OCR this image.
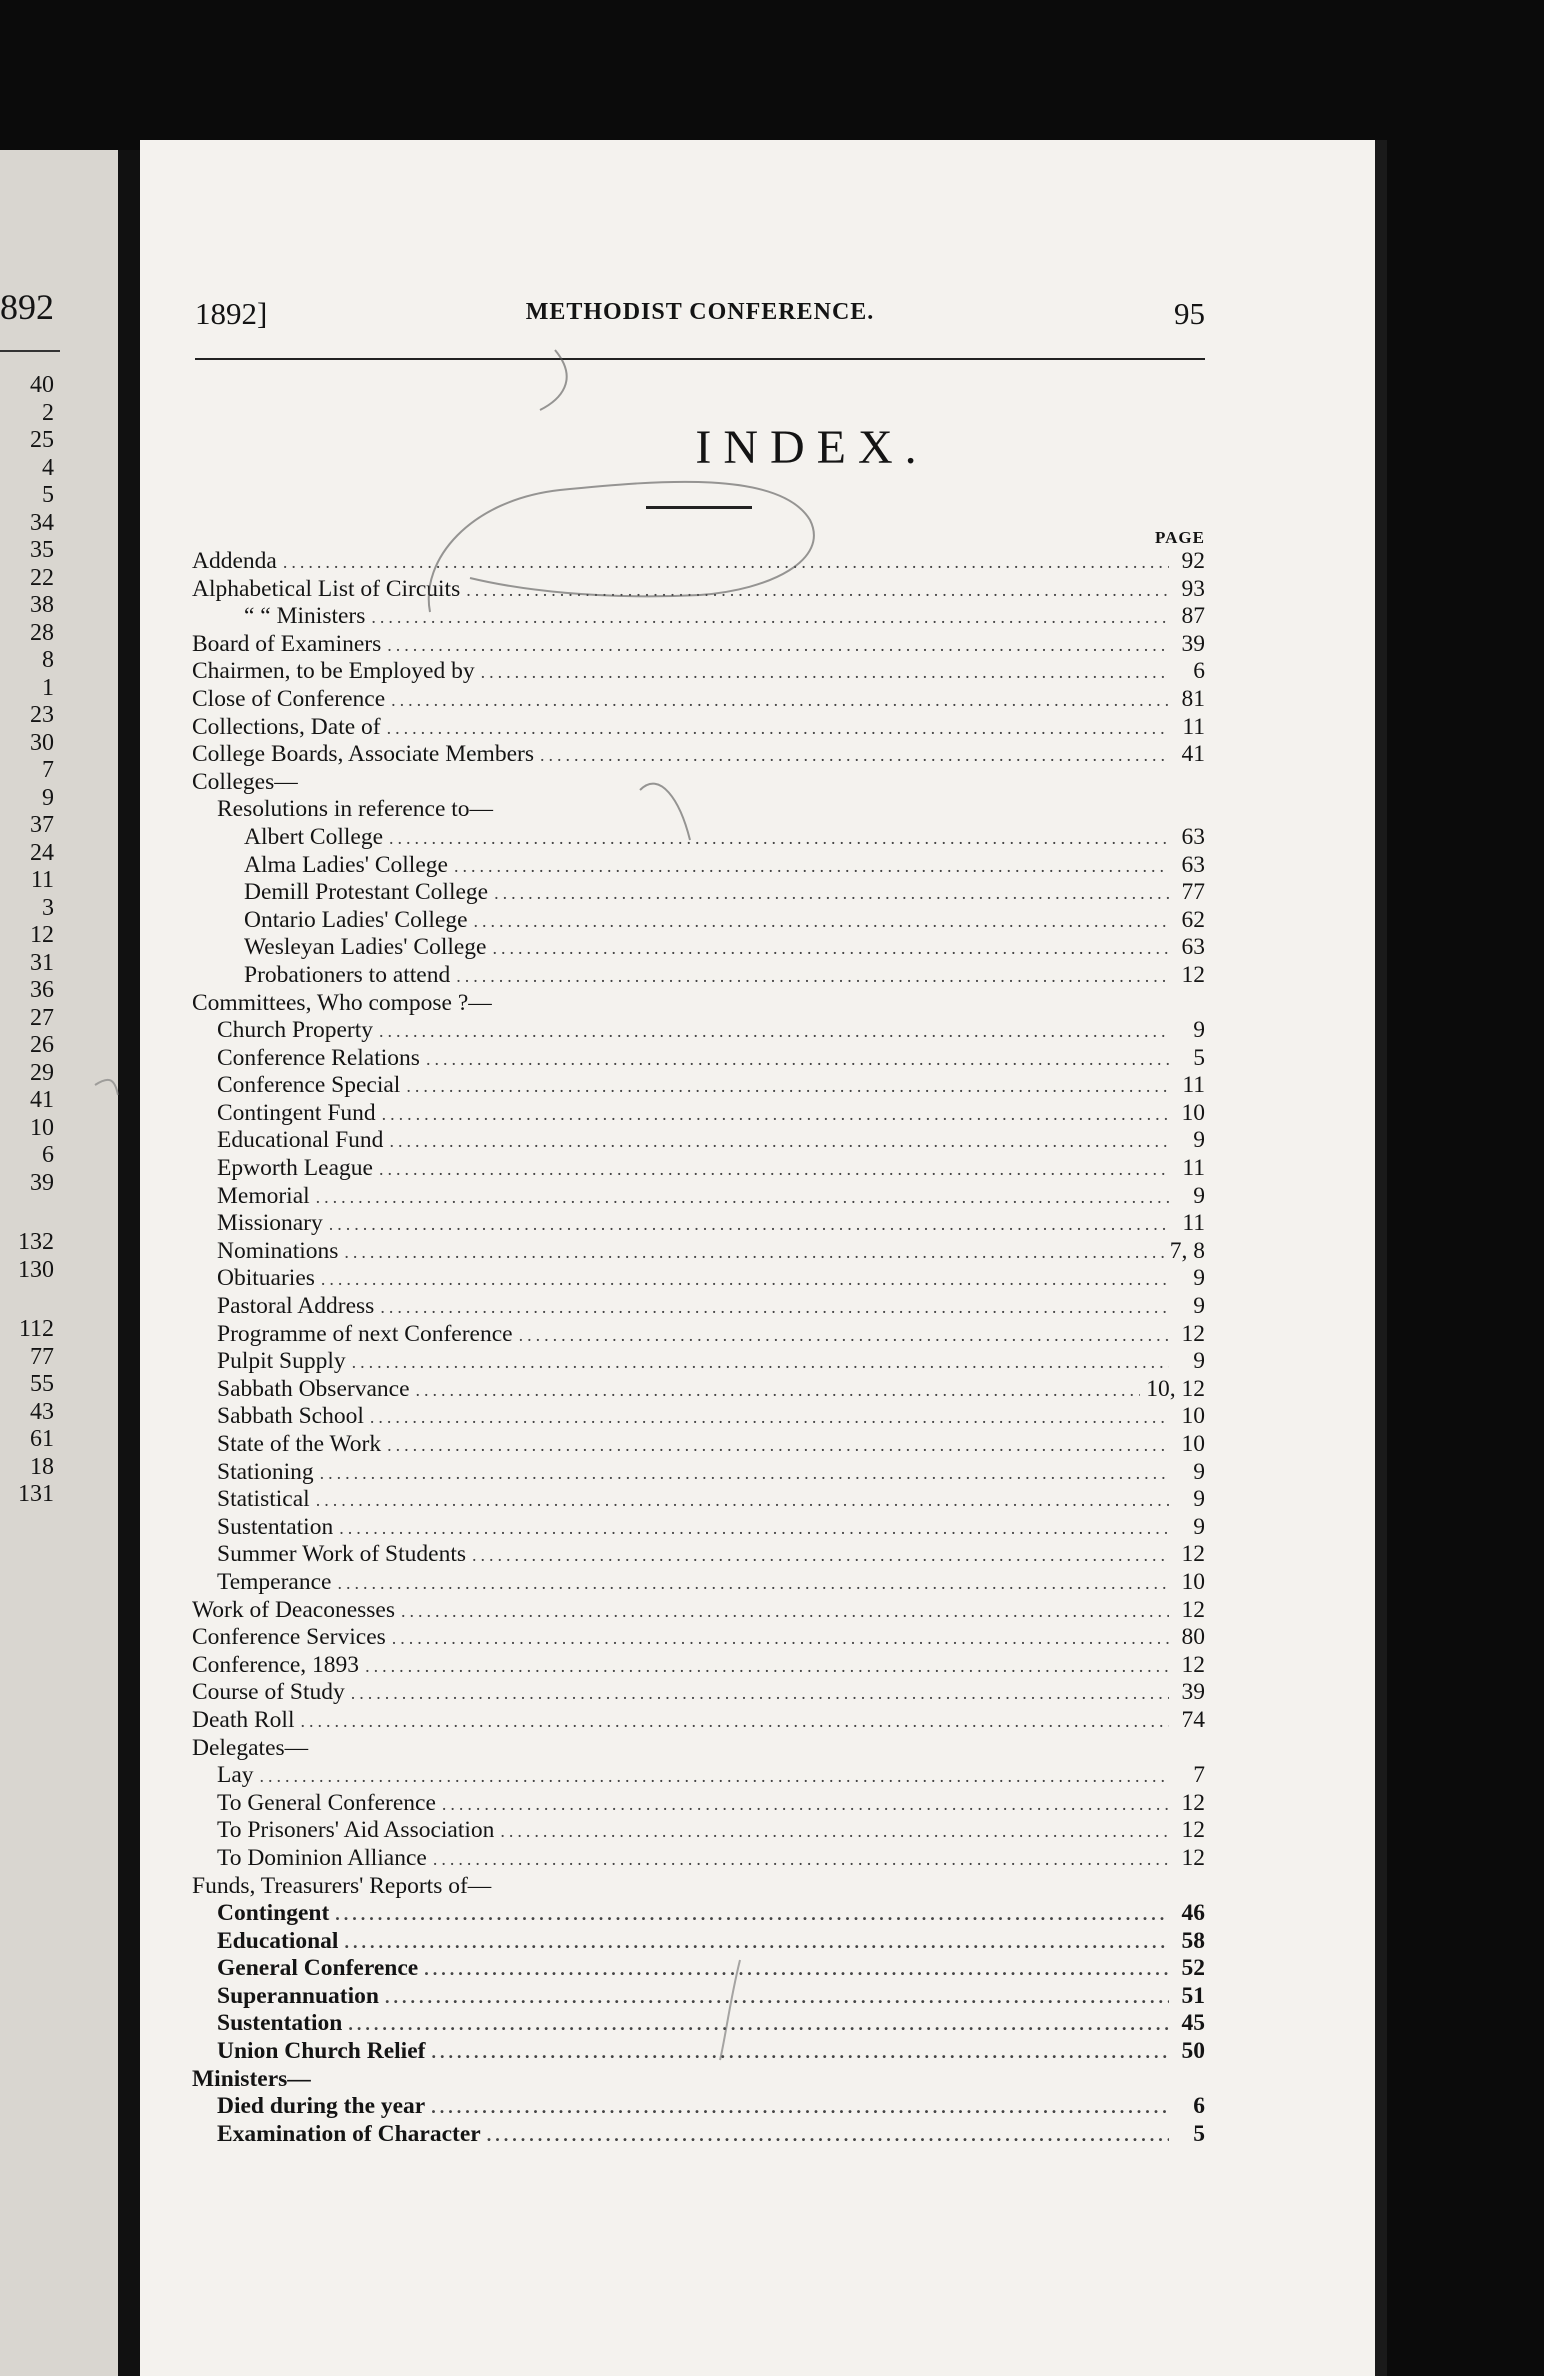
892
40
2
25
4
5
34
35
22
38
28
8
1
23
30
7
9
37
24
11
3
12
31
36
27
26
29
41
10
6
39
132
130
112
77
55
43
61
18
131
1892]	METHODIST CONFERENCE.	95
INDEX.
PAGE
Addenda .....	92
Alphabetical List of Circuits .....	93
“ “ Ministers .....	87
Board of Examiners .....	39
Chairmen, to be Employed by .....	6
Close of Conference .....	81
Collections, Date of .....	11
College Boards, Associate Members .....	41
Colleges—
Resolutions in reference to—
Albert College .....	63
Alma Ladies' College .....	63
Demill Protestant College .....	77
Ontario Ladies' College .....	62
Wesleyan Ladies' College .....	63
Probationers to attend .....	12
Committees, Who compose ?—
Church Property .....	9
Conference Relations .....	5
Conference Special .....	11
Contingent Fund .....	10
Educational Fund .....	9
Epworth League .....	11
Memorial .....	9
Missionary .....	11
Nominations .....	7, 8
Obituaries .....	9
Pastoral Address .....	9
Programme of next Conference .....	12
Pulpit Supply .....	9
Sabbath Observance .....	10, 12
Sabbath School .....	10
State of the Work .....	10
Stationing .....	9
Statistical .....	9
Sustentation .....	9
Summer Work of Students .....	12
Temperance .....	10
Work of Deaconesses .....	12
Conference Services .....	80
Conference, 1893 .....	12
Course of Study .....	39
Death Roll .....	74
Delegates—
Lay .....	7
To General Conference .....	12
To Prisoners' Aid Association .....	12
To Dominion Alliance .....	12
Funds, Treasurers' Reports of—
Contingent .....	46
Educational .....	58
General Conference .....	52
Superannuation .....	51
Sustentation .....	45
Union Church Relief .....	50
Ministers—
Died during the year .....	6
Examination of Character .....	5
